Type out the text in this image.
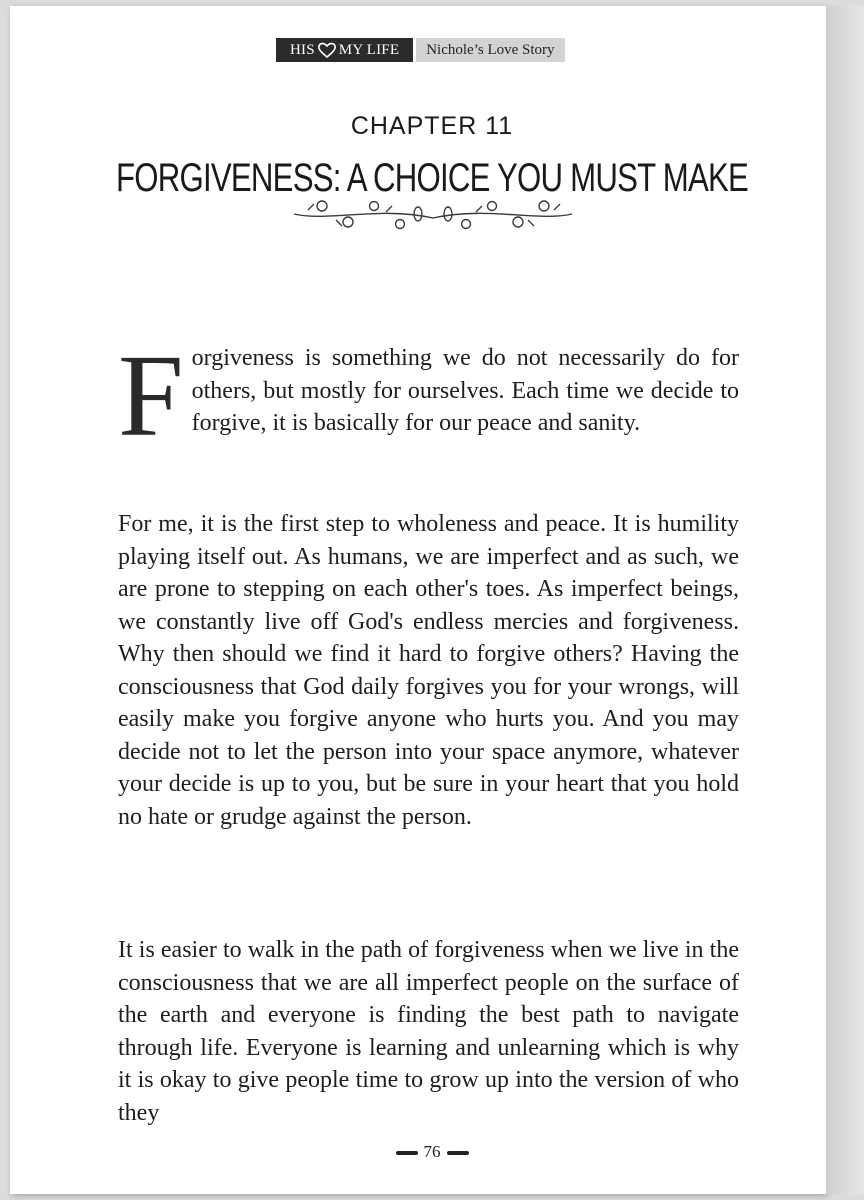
HIS MY LIFE	Nichole’s Love Story
CHAPTER 11
FORGIVENESS: A CHOICE YOU MUST MAKE
F orgiveness is something we do not necessarily do for others, but mostly for ourselves. Each time we decide to forgive, it is basically for our peace and sanity.
For me, it is the first step to wholeness and peace. It is humility playing itself out. As humans, we are imperfect and as such, we are prone to stepping on each other's toes. As imperfect beings, we constantly live off God's endless mercies and forgiveness. Why then should we find it hard to forgive others? Having the consciousness that God daily forgives you for your wrongs, will easily make you forgive anyone who hurts you. And you may decide not to let the person into your space anymore, whatever your decide is up to you, but be sure in your heart that you hold no hate or grudge against the person.
It is easier to walk in the path of forgiveness when we live in the consciousness that we are all imperfect people on the surface of the earth and everyone is finding the best path to navigate through life. Everyone is learning and unlearning which is why it is okay to give people time to grow up into the version of who they
76
